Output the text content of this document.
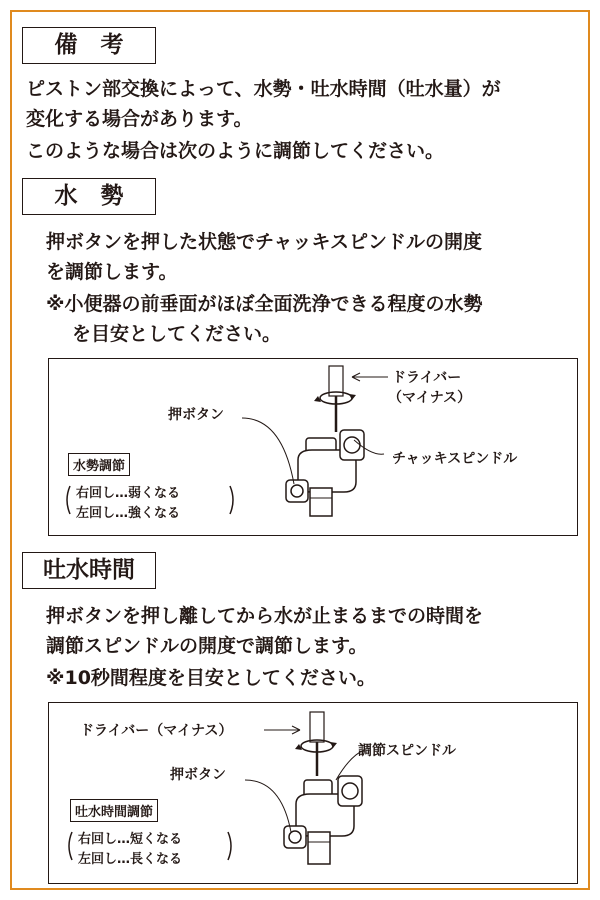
備　考
ピストン部交換によって、水勢・吐水時間（吐水量）が
変化する場合があります。
このような場合は次のように調節してください。
水　勢
押ボタンを押した状態でチャッキスピンドルの開度
を調節します。
※小便器の前垂面がほぼ全面洗浄できる程度の水勢
を目安としてください。
ドライバー
（マイナス）
押ボタン
チャッキスピンドル
水勢調節
右回し…弱くなる
左回し…強くなる
吐水時間
押ボタンを押し離してから水が止まるまでの時間を
調節スピンドルの開度で調節します。
※10秒間程度を目安としてください。
ドライバー（マイナス）
調節スピンドル
押ボタン
吐水時間調節
右回し…短くなる
左回し…長くなる
